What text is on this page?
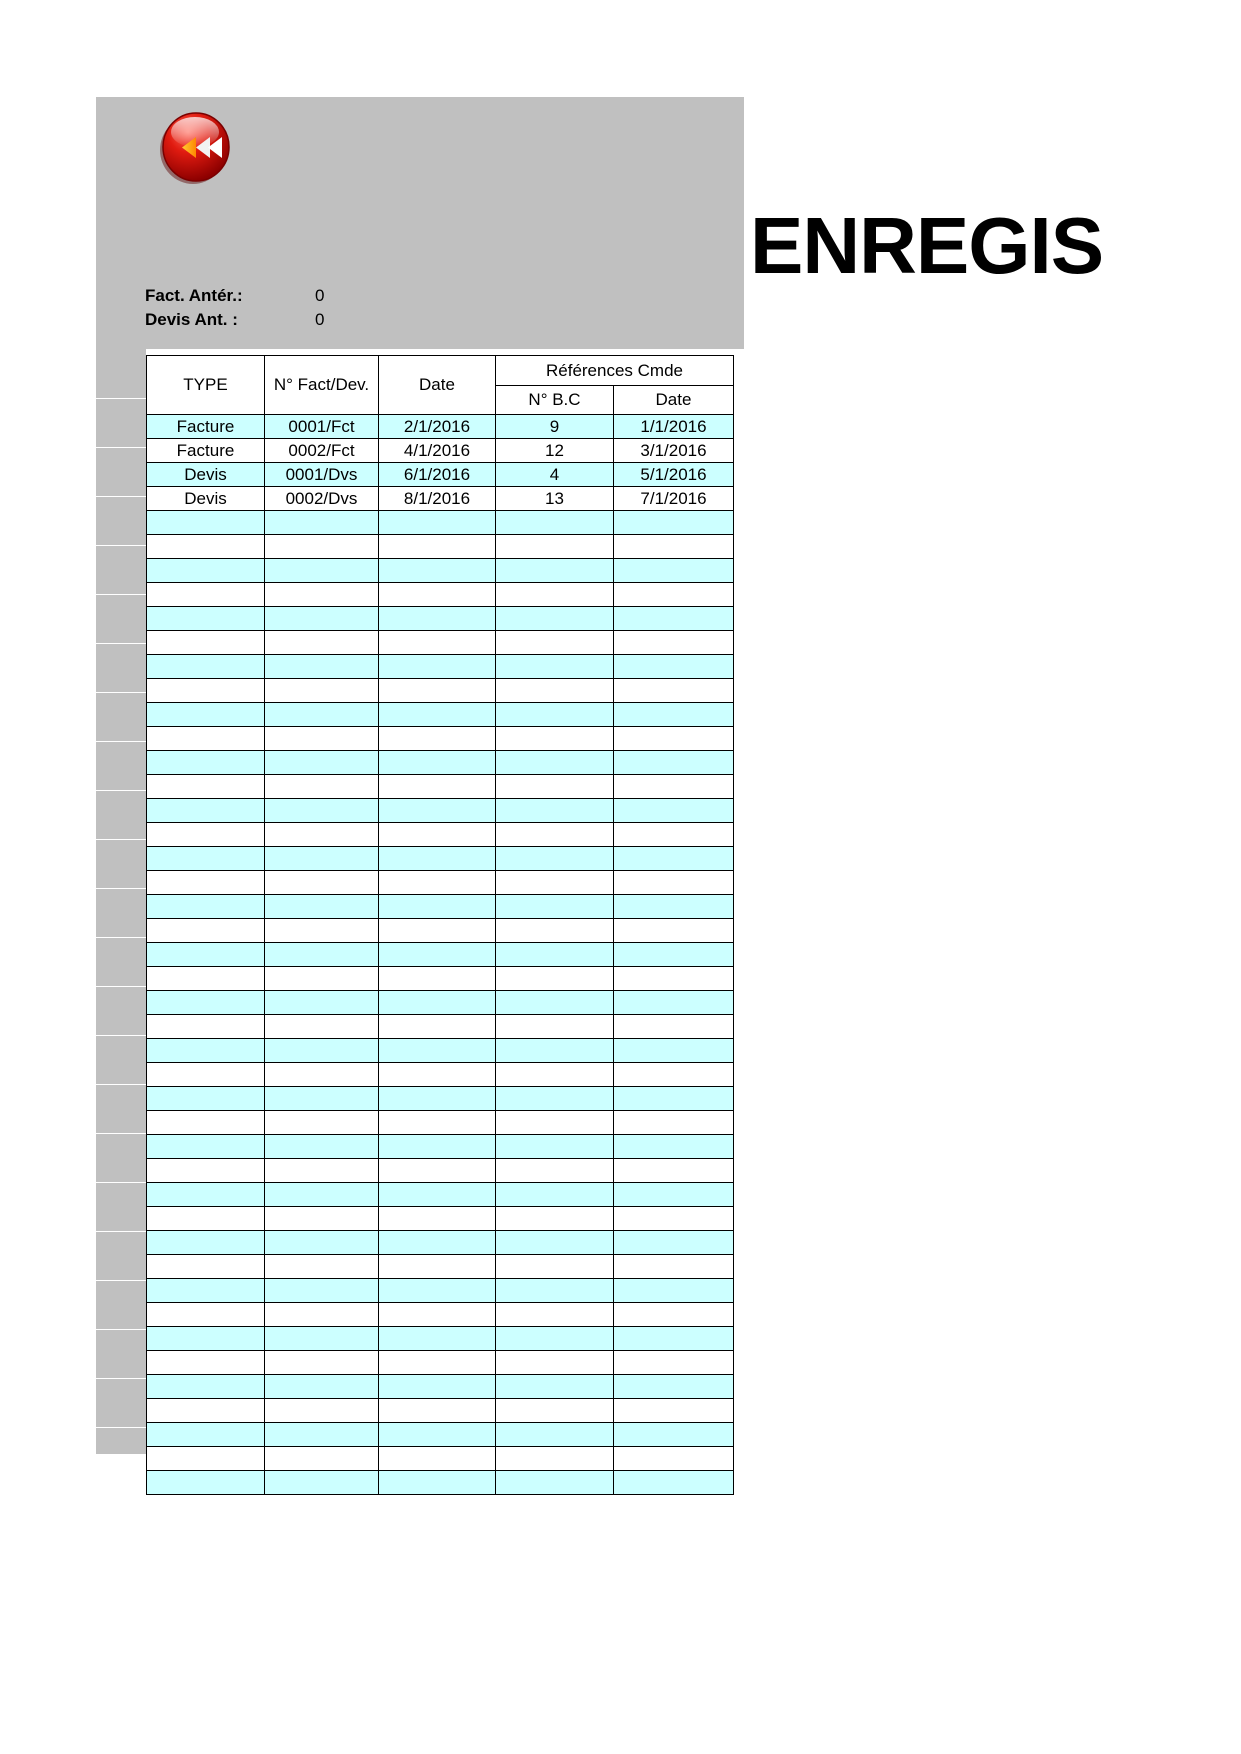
ENREGIS
Fact. Antér.:	0
Devis Ant. :	0
TYPE	N° Fact/Dev.	Date	Références Cmde	
			N° B.C	Date
Facture	0001/Fct	2/1/2016	9	1/1/2016
Facture	0002/Fct	4/1/2016	12	3/1/2016
Devis	0001/Dvs	6/1/2016	4	5/1/2016
Devis	0002/Dvs	8/1/2016	13	7/1/2016
